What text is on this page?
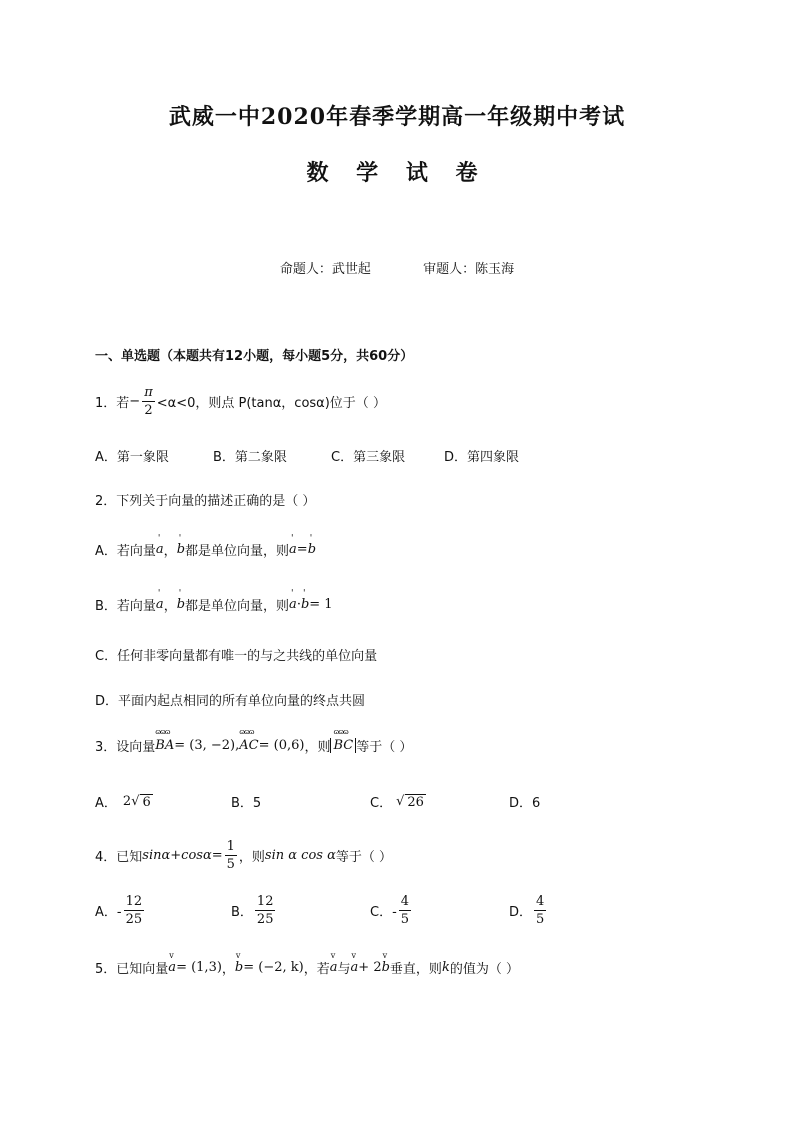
武威一中2020年春季学期高一年级期中考试
数 学 试 卷
命题人：武世起	审题人：陈玉海
一、单选题（本题共有12小题，每小题5分，共60分）
1． 若 − $\frac{\pi}{2} <\alpha<0$，则点 P(tanα，cosα)位于（ ）
A．第一象限	B．第二象限	C．第三象限	D．第四象限
2． 下列关于向量的描述正确的是（ ）
A．若向量 ' a ， ' b 都是单位向量，则 ' a = ' b
B．若向量 ' a ， ' b 都是单位向量，则 ' a · ' b = 1
C．任何非零向量都有唯一的与之共线的单位向量
D．平面内起点相同的所有单位向量的终点共圆
3． 设向量 ɷɷɷ BA = (3, −2), ɷɷɷ AC = (0,6) ，则 ɷɷɷ BC 等于（ ）
A． 2 √ 6	B．5	C． √ 26	D．6
4． 已知 $\sin\alpha+\cos\alpha= \frac{1}{5}$ ，则 sin α cos α 等于（ ）
A．- $\frac{12}{25}$	B． $\frac{12}{25}$	C．- $\frac{4}{5}$	D． $\frac{4}{5}$
5． 已知向量 v a = (1,3) ， v b = (−2, k) ，若 v a 与 v a + 2 v b 垂直，则 k 的值为（ ）
